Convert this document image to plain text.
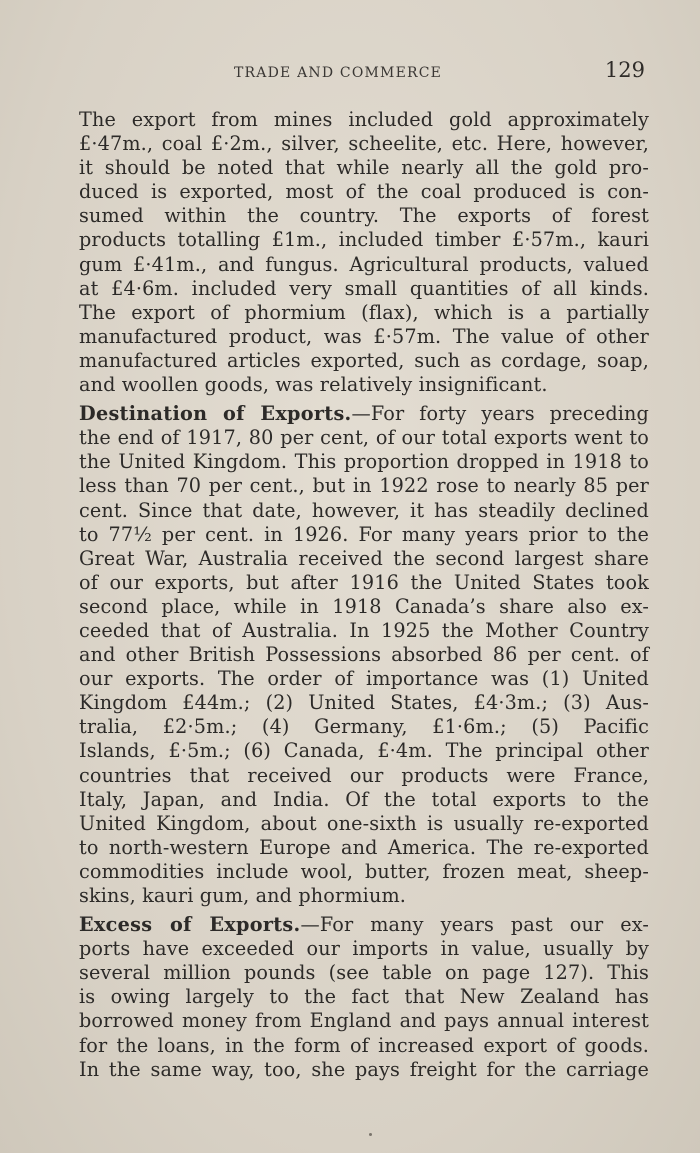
TRADE AND COMMERCE	129
The export from mines included gold approximately
£·47m., coal £·2m., silver, scheelite, etc. Here, however,
it should be noted that while nearly all the gold pro-
duced is exported, most of the coal produced is con-
sumed within the country. The exports of forest
products totalling £1m., included timber £·57m., kauri
gum £·41m., and fungus. Agricultural products, valued
at £4·6m. included very small quantities of all kinds.
The export of phormium (flax), which is a partially
manufactured product, was £·57m. The value of other
manufactured articles exported, such as cordage, soap,
and woollen goods, was relatively insignificant.
Destination of Exports.—For forty years preceding
the end of 1917, 80 per cent, of our total exports went to
the United Kingdom. This proportion dropped in 1918 to
less than 70 per cent., but in 1922 rose to nearly 85 per
cent. Since that date, however, it has steadily declined
to 77½ per cent. in 1926. For many years prior to the
Great War, Australia received the second largest share
of our exports, but after 1916 the United States took
second place, while in 1918 Canada’s share also ex-
ceeded that of Australia. In 1925 the Mother Country
and other British Possessions absorbed 86 per cent. of
our exports. The order of importance was (1) United
Kingdom £44m.; (2) United States, £4·3m.; (3) Aus-
tralia, £2·5m.; (4) Germany, £1·6m.; (5) Pacific
Islands, £·5m.; (6) Canada, £·4m. The principal other
countries that received our products were France,
Italy, Japan, and India. Of the total exports to the
United Kingdom, about one-sixth is usually re-exported
to north-western Europe and America. The re-exported
commodities include wool, butter, frozen meat, sheep-
skins, kauri gum, and phormium.
Excess of Exports.—For many years past our ex-
ports have exceeded our imports in value, usually by
several million pounds (see table on page 127). This
is owing largely to the fact that New Zealand has
borrowed money from England and pays annual interest
for the loans, in the form of increased export of goods.
In the same way, too, she pays freight for the carriage
